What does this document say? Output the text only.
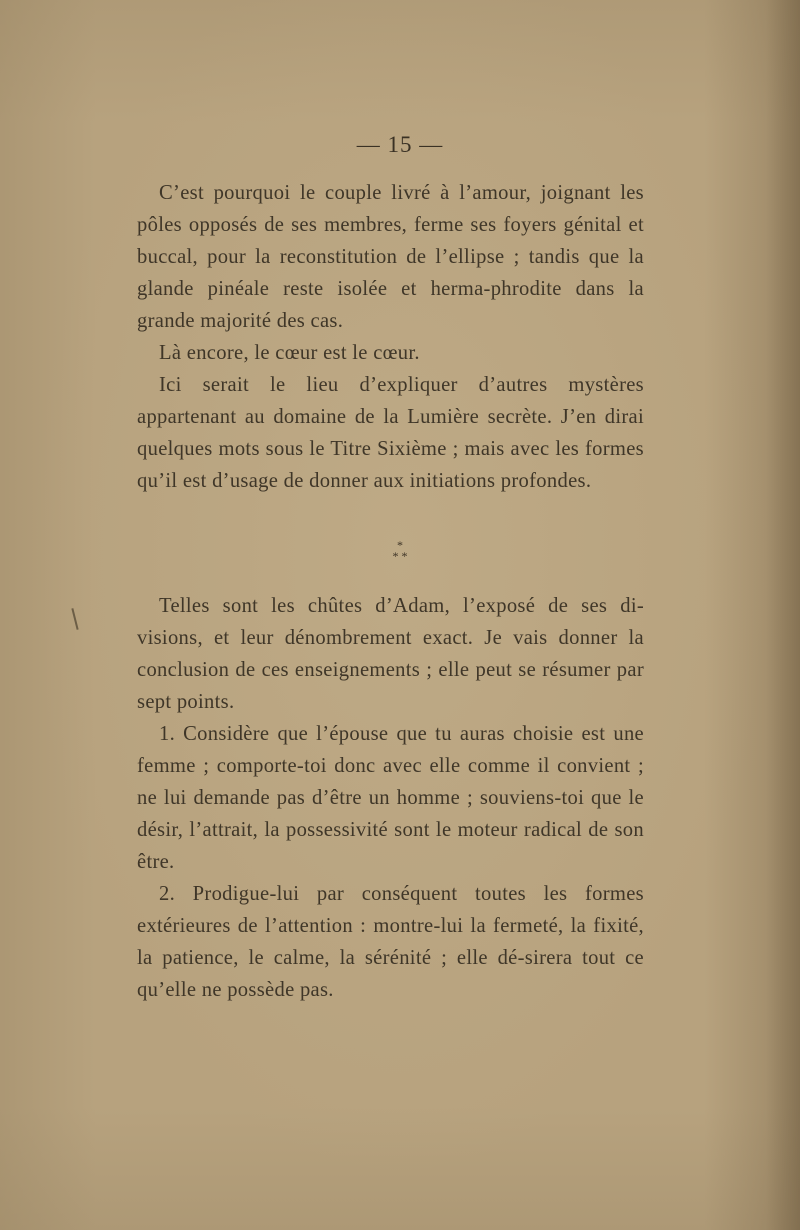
— 15 —

C’est pourquoi le couple livré à l’amour, joignant les pôles opposés de ses membres, ferme ses foyers génital et buccal, pour la reconstitution de l’ellipse ; tandis que la glande pinéale reste isolée et herma-phrodite dans la grande majorité des cas.

Là encore, le cœur est le cœur.

Ici serait le lieu d’expliquer d’autres mystères appartenant au domaine de la Lumière secrète. J’en dirai quelques mots sous le Titre Sixième ; mais avec les formes qu’il est d’usage de donner aux initiations profondes.

*
* *

Telles sont les chûtes d’Adam, l’exposé de ses di-visions, et leur dénombrement exact. Je vais donner la conclusion de ces enseignements ; elle peut se résumer par sept points.

1. Considère que l’épouse que tu auras choisie est une femme ; comporte-toi donc avec elle comme il convient ; ne lui demande pas d’être un homme ; souviens-toi que le désir, l’attrait, la possessivité sont le moteur radical de son être.

2. Prodigue-lui par conséquent toutes les formes extérieures de l’attention : montre-lui la fermeté, la fixité, la patience, le calme, la sérénité ; elle dé-sirera tout ce qu’elle ne possède pas.
